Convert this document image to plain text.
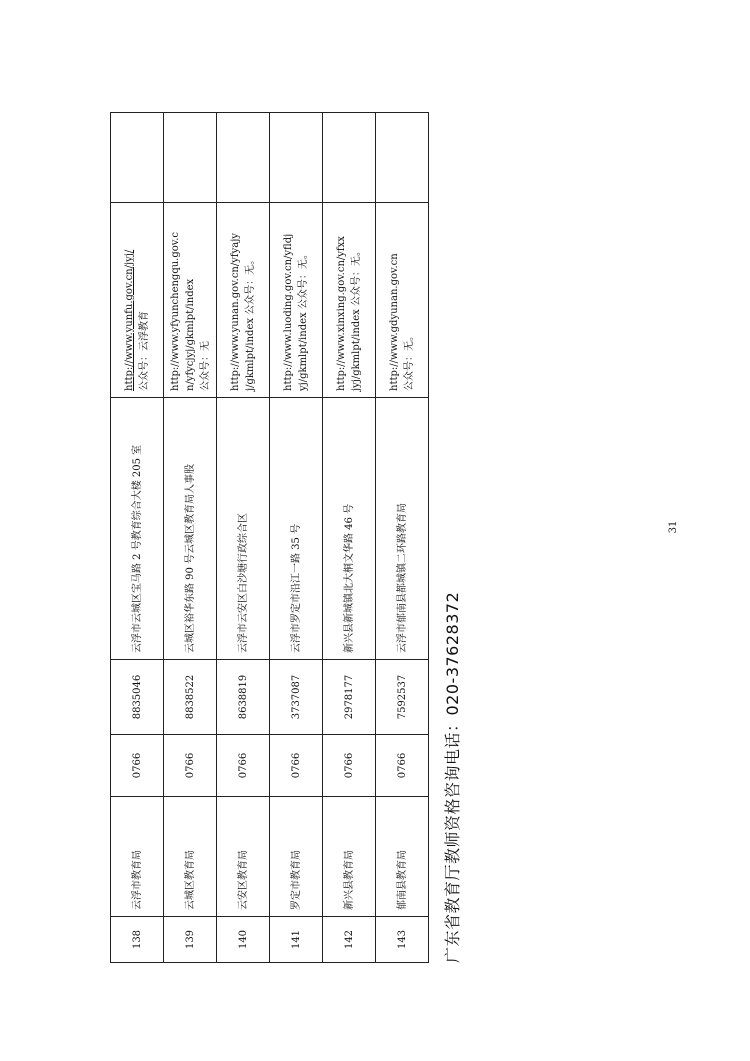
138	云浮市教育局	0766	8835046	云浮市云城区宝马路 2 号教育综合大楼 205 室	http://www.yunfu.gov.cn/jyj/ 公众号：云浮教育	

139	云城区教育局	0766	8838522	云城区裕华东路 90 号云城区教育局人事股	http://www.yfyunchengqu.gov.c n/yfycjyj/gkmlpt/index 公众号：无	

140	云安区教育局	0766	8638819	云浮市云安区白沙塘行政综合区	http://www.yunan.gov.cn/yfyajy j/gkmlpt/index 公众号：无。	

141	罗定市教育局	0766	3737087	云浮市罗定市沿江一路 35 号	http://www.luoding.gov.cn/yfldj yj/gkmlpt/index 公众号：无。	

142	新兴县教育局	0766	2978177	新兴县新城镇北大桐文华路 46 号	http://www.xinxing.gov.cn/yfxx jyj/gkmlpt/index 公众号：无。	

143	郁南县教育局	0766	7592537	云浮市郁南县都城镇二环路教育局	http://www.gdyunan.gov.cn 公众号：无。	

广东省教育厅教师资格咨询电话：020-37628372
31
